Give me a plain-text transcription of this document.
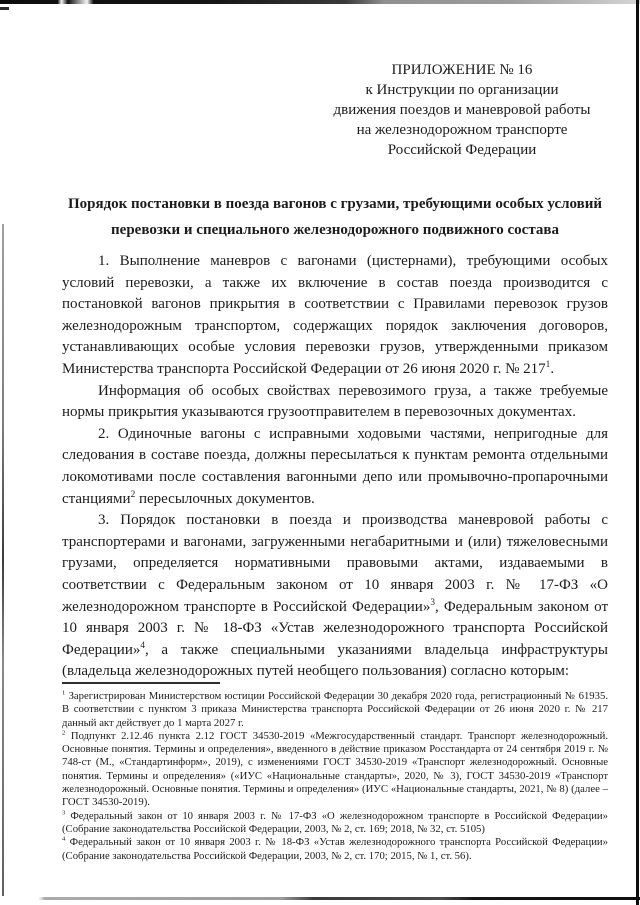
ПРИЛОЖЕНИЕ № 16
к Инструкции по организации
движения поездов и маневровой работы
на железнодорожном транспорте
Российской Федерации
Порядок постановки в поезда вагонов с грузами, требующими особых условий перевозки и специального железнодорожного подвижного состава

1. Выполнение маневров с вагонами (цистернами), требующими особых условий перевозки, а также их включение в состав поезда производится с постановкой вагонов прикрытия в соответствии с Правилами перевозок грузов железнодорожным транспортом, содержащих порядок заключения договоров, устанавливающих особые условия перевозки грузов, утвержденными приказом Министерства транспорта Российской Федерации от 26 июня 2020 г. № $217^1$.

Информация об особых свойствах перевозимого груза, а также требуемые нормы прикрытия указываются грузоотправителем в перевозочных документах.

2. Одиночные вагоны с исправными ходовыми частями, непригодные для следования в составе поезда, должны пересылаться к пунктам ремонта отдельными локомотивами после составления вагонными депо или промывочно-пропарочными станциями$^2$ пересылочных документов.

3. Порядок постановки в поезда и производства маневровой работы с транспортерами и вагонами, загруженными негабаритными и (или) тяжеловесными грузами, определяется нормативными правовыми актами, издаваемыми в соответствии с Федеральным законом от 10 января 2003 г. № 17-ФЗ «О железнодорожном транспорте в Российской Федерации»$^3$, Федеральным законом от 10 января 2003 г. № 18-ФЗ «Устав железнодорожного транспорта Российской Федерации»$^4$, а также специальными указаниями владельца инфраструктуры (владельца железнодорожных путей необщего пользования) согласно которым:

$^1$ Зарегистрирован Министерством юстиции Российской Федерации 30 декабря 2020 года, регистрационный № 61935. В соответствии с пунктом 3 приказа Министерства транспорта Российской Федерации от 26 июня 2020 г. № 217 данный акт действует до 1 марта 2027 г.
$^2$ Подпункт 2.12.46 пункта 2.12 ГОСТ 34530-2019 «Межгосударственный стандарт. Транспорт железнодорожный. Основные понятия. Термины и определения», введенного в действие приказом Росстандарта от 24 сентября 2019 г. № 748-ст (М., «Стандартинформ», 2019), с изменениями ГОСТ 34530-2019 «Транспорт железнодорожный. Основные понятия. Термины и определения» («ИУС «Национальные стандарты», 2020, № 3), ГОСТ 34530-2019 «Транспорт железнодорожный. Основные понятия. Термины и определения» (ИУС «Национальные стандарты, 2021, № 8) (далее – ГОСТ 34530-2019).
$^3$ Федеральный закон от 10 января 2003 г. № 17-ФЗ «О железнодорожном транспорте в Российской Федерации» (Собрание законодательства Российской Федерации, 2003, № 2, ст. 169; 2018, № 32, ст. 5105)
$^4$ Федеральный закон от 10 января 2003 г. № 18-ФЗ «Устав железнодорожного транспорта Российской Федерации» (Собрание законодательства Российской Федерации, 2003, № 2, ст. 170; 2015, № 1, ст. 56).
